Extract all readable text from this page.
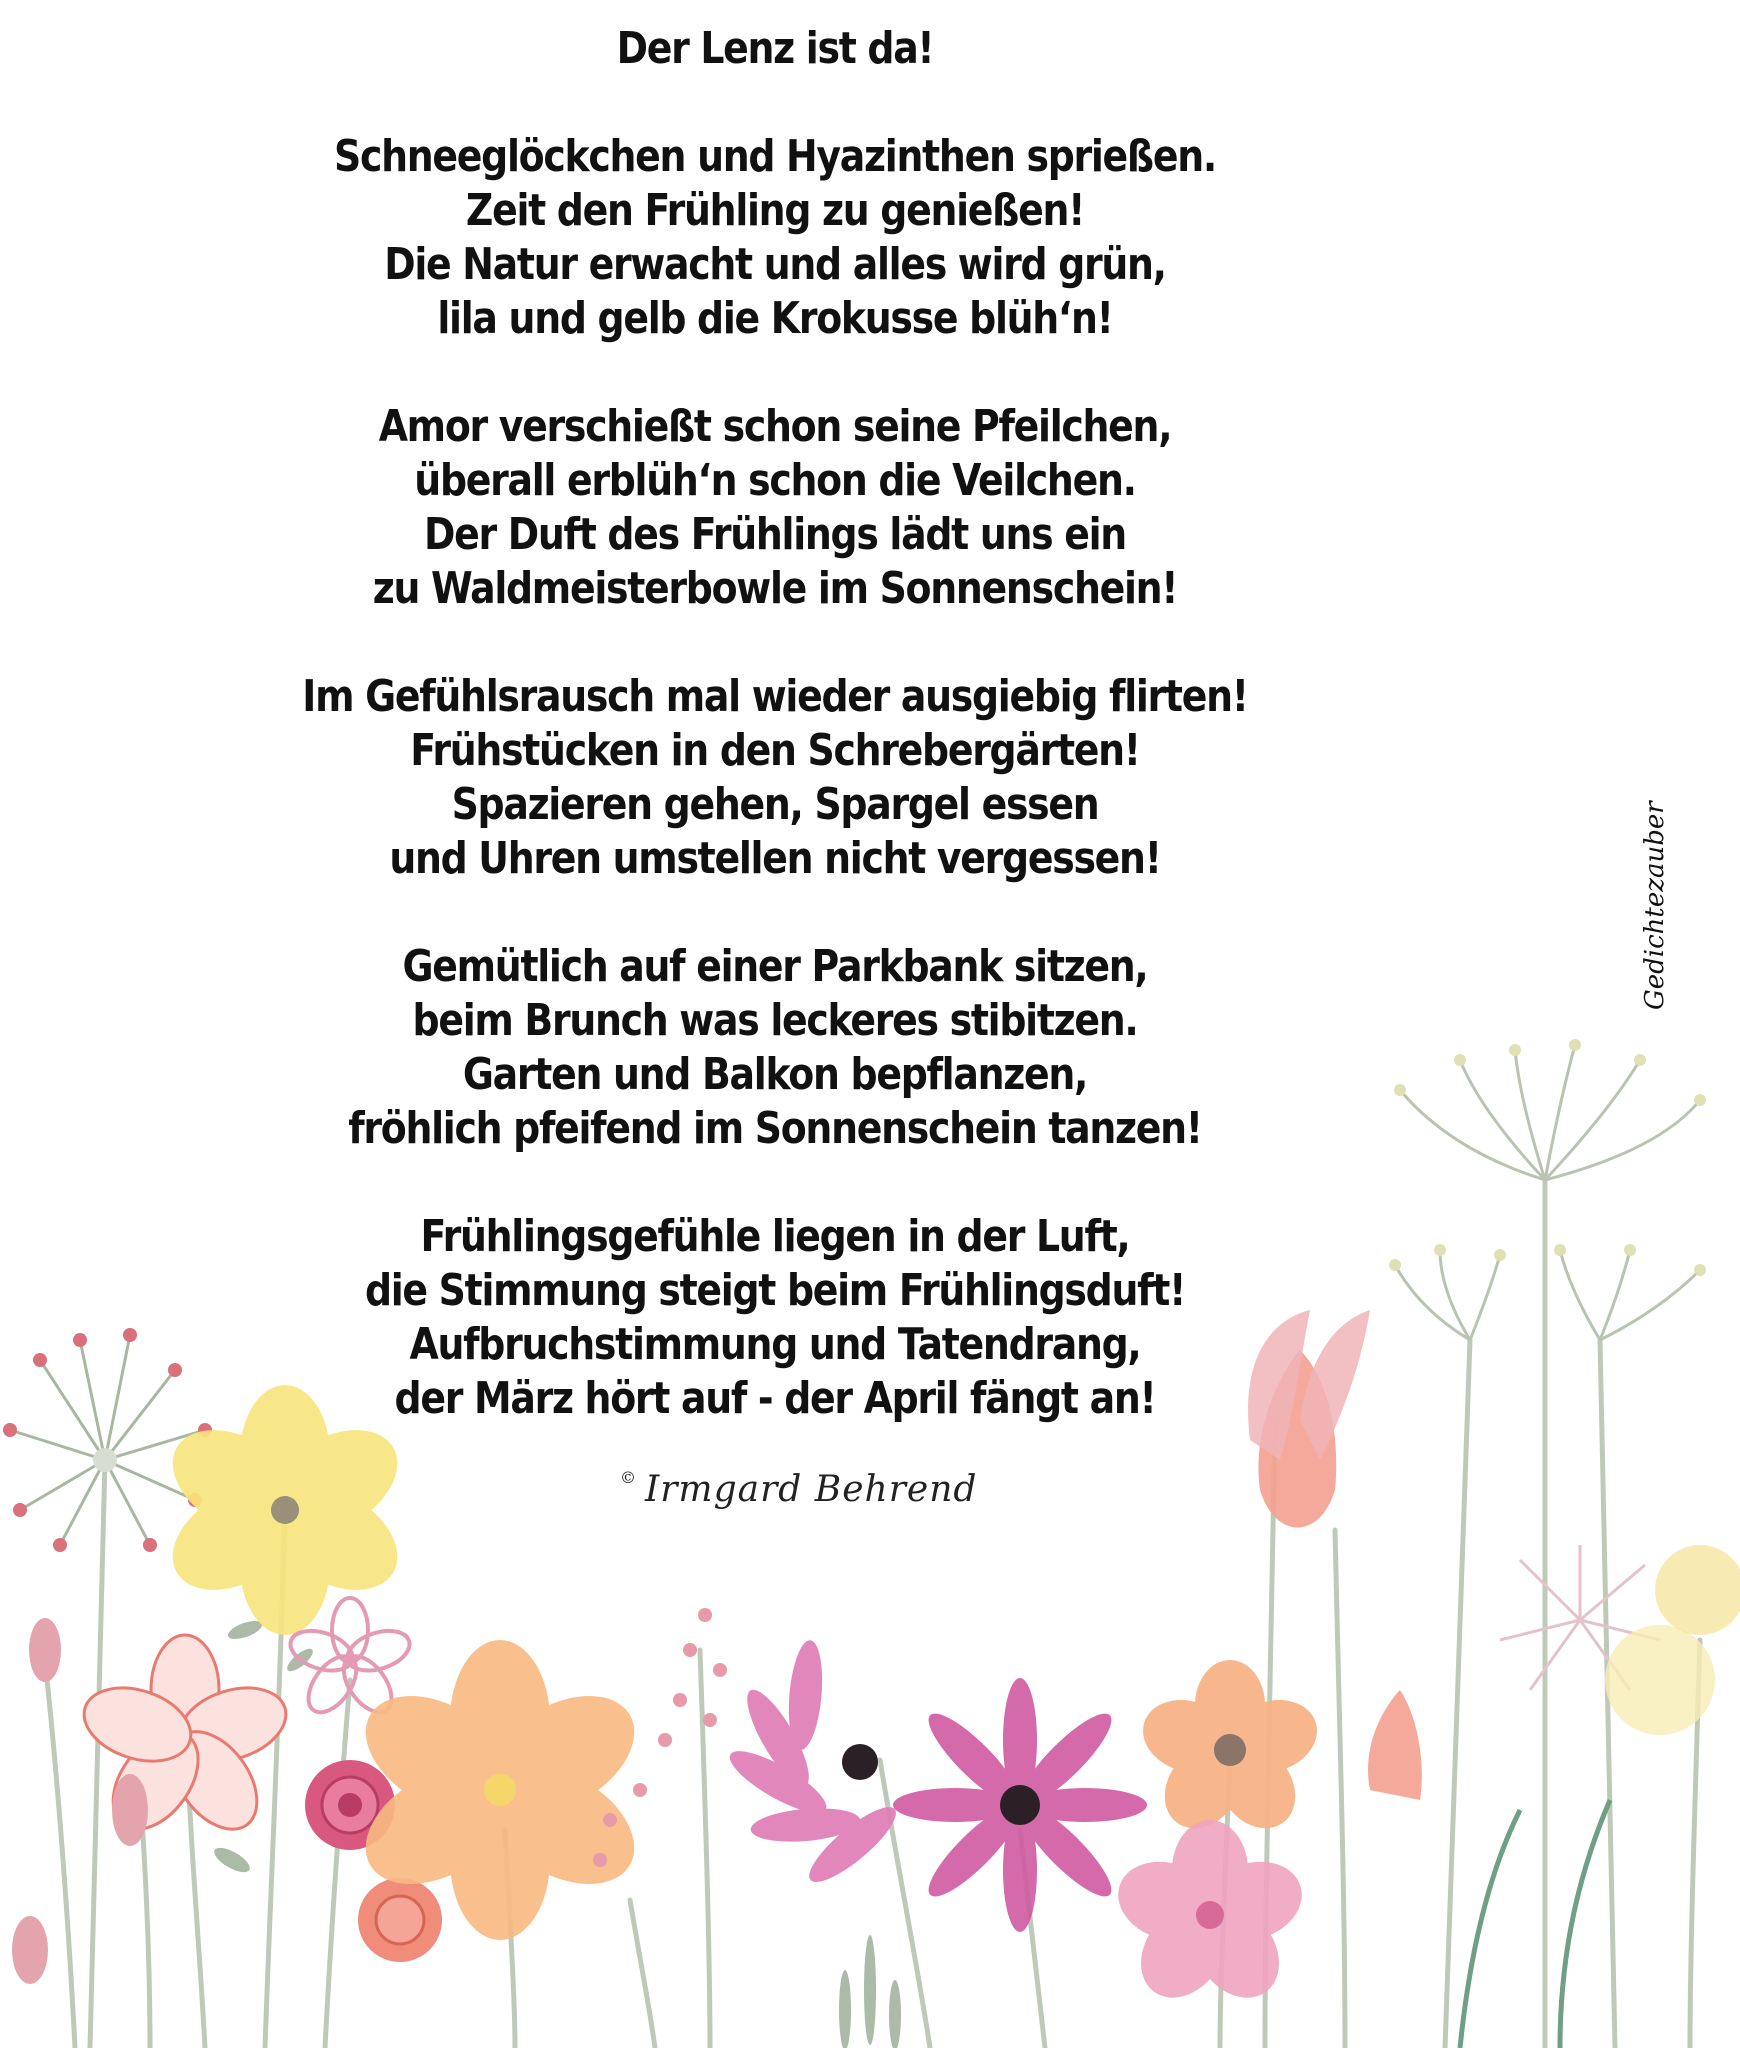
Der Lenz ist da!
Schneeglöckchen und Hyazinthen sprießen.
Zeit den Frühling zu genießen!
Die Natur erwacht und alles wird grün,
lila und gelb die Krokusse blüh‘n!
Amor verschießt schon seine Pfeilchen,
überall erblüh‘n schon die Veilchen.
Der Duft des Frühlings lädt uns ein
zu Waldmeisterbowle im Sonnenschein!
Im Gefühlsrausch mal wieder ausgiebig flirten!
Frühstücken in den Schrebergärten!
Spazieren gehen, Spargel essen
und Uhren umstellen nicht vergessen!
Gemütlich auf einer Parkbank sitzen,
beim Brunch was leckeres stibitzen.
Garten und Balkon bepflanzen,
fröhlich pfeifend im Sonnenschein tanzen!
Frühlingsgefühle liegen in der Luft,
die Stimmung steigt beim Frühlingsduft!
Aufbruchstimmung und Tatendrang,
der März hört auf - der April fängt an!
© Irmgard Behrend
Gedichtezauber
